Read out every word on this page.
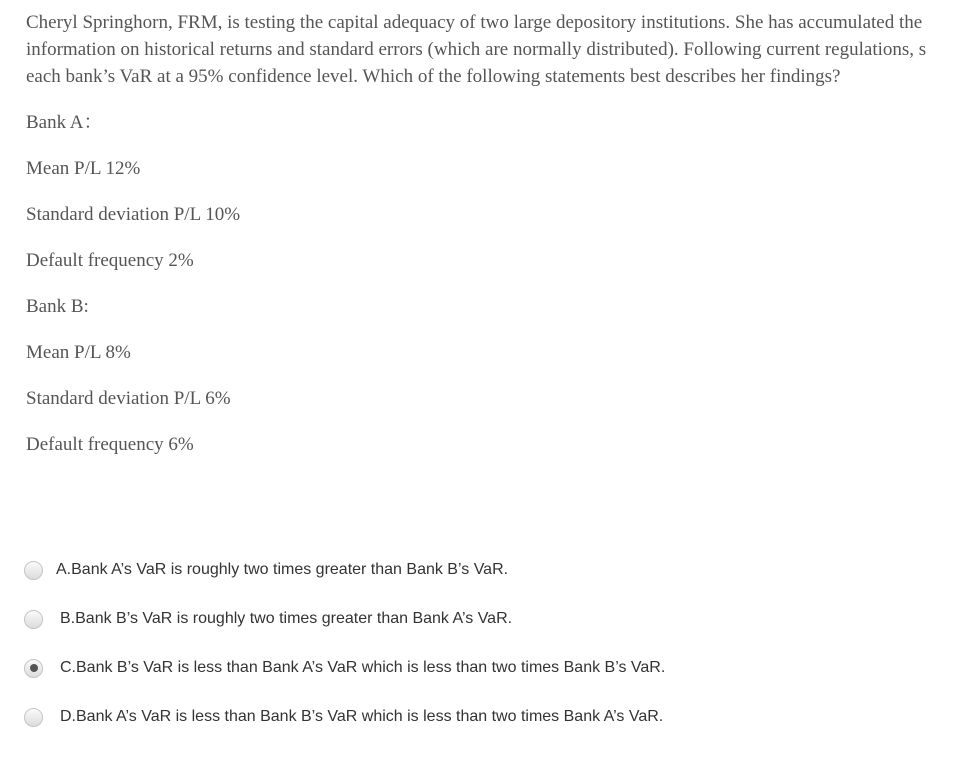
Cheryl Springhorn, FRM, is testing the capital adequacy of two large depository institutions. She has accumulated the
information on historical returns and standard errors (which are normally distributed). Following current regulations, s
each bank’s VaR at a 95% confidence level. Which of the following statements best describes her findings?
Bank A：
Mean P/L 12%
Standard deviation P/L 10%
Default frequency 2%
Bank B:
Mean P/L 8%
Standard deviation P/L 6%
Default frequency 6%
A.Bank A’s VaR is roughly two times greater than Bank B’s VaR.
B.Bank B’s VaR is roughly two times greater than Bank A’s VaR.
C.Bank B’s VaR is less than Bank A’s VaR which is less than two times Bank B’s VaR.
D.Bank A’s VaR is less than Bank B’s VaR which is less than two times Bank A’s VaR.
